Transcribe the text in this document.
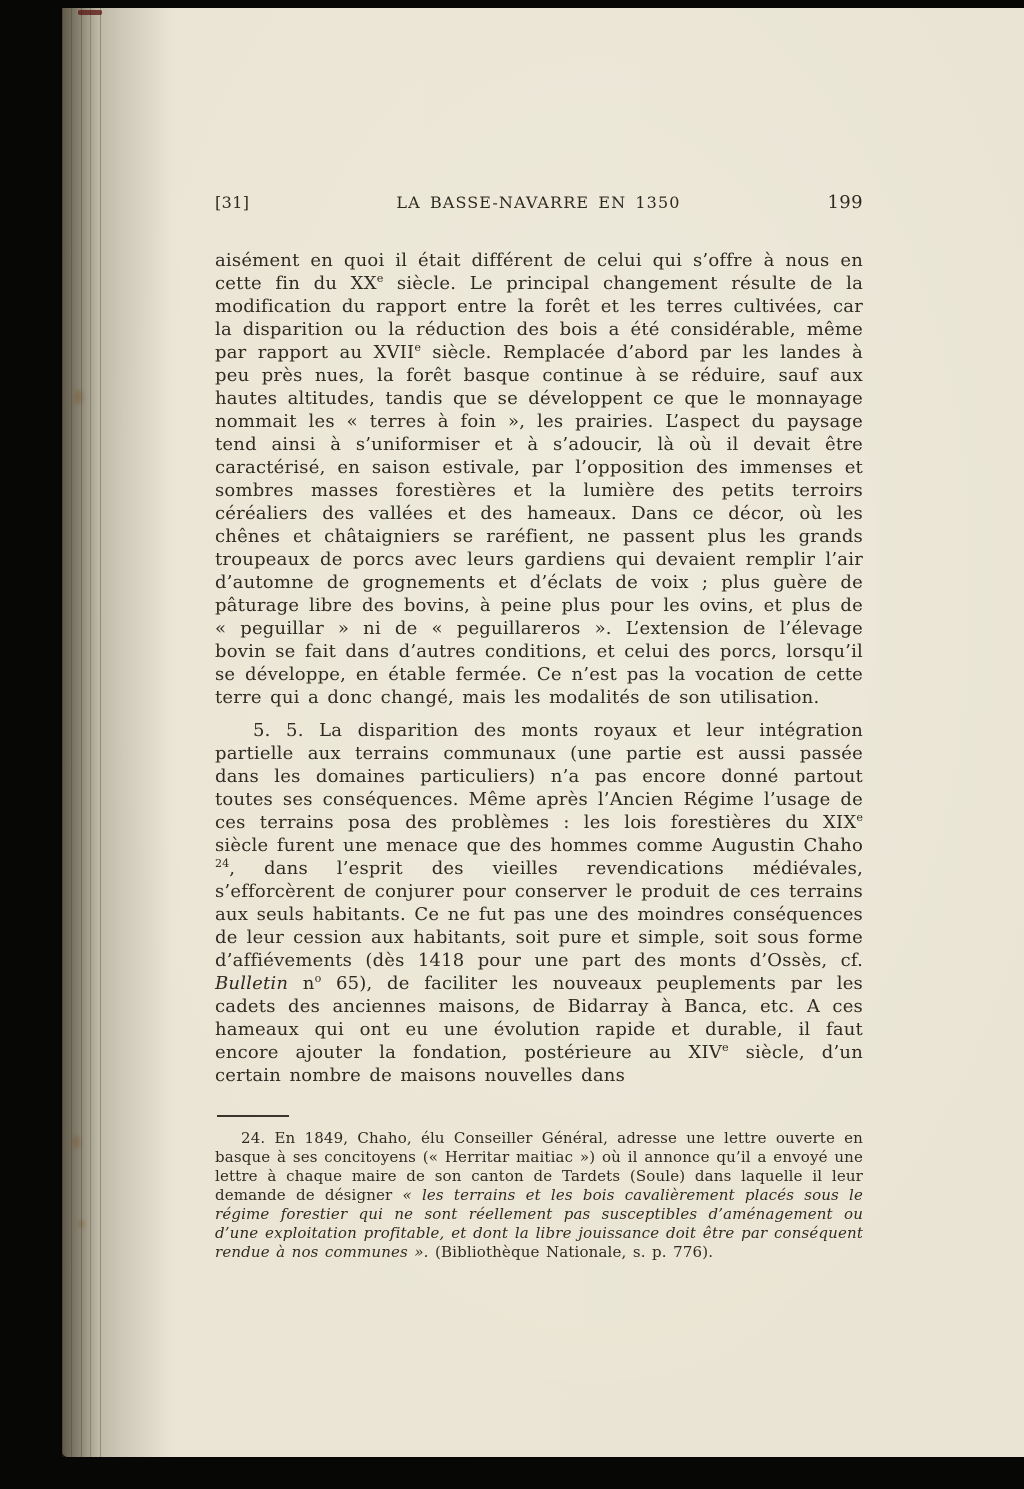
[31]	LA BASSE-NAVARRE EN 1350	199

aisément en quoi il était différent de celui qui s’offre à nous en cette fin du XXe siècle. Le principal changement résulte de la modification du rapport entre la forêt et les terres cultivées, car la disparition ou la réduction des bois a été considérable, même par rapport au XVIIe siècle. Remplacée d’abord par les landes à peu près nues, la forêt basque continue à se réduire, sauf aux hautes altitudes, tandis que se développent ce que le monnayage nommait les « terres à foin », les prairies. L’aspect du paysage tend ainsi à s’uniformiser et à s’adoucir, là où il devait être caractérisé, en saison estivale, par l’opposition des immenses et sombres masses forestières et la lumière des petits terroirs céréaliers des vallées et des hameaux. Dans ce décor, où les chênes et châtaigniers se raréfient, ne passent plus les grands troupeaux de porcs avec leurs gardiens qui devaient remplir l’air d’automne de grognements et d’éclats de voix ; plus guère de pâturage libre des bovins, à peine plus pour les ovins, et plus de « peguillar » ni de « peguillareros ». L’extension de l’élevage bovin se fait dans d’autres conditions, et celui des porcs, lorsqu’il se développe, en étable fermée. Ce n’est pas la vocation de cette terre qui a donc changé, mais les modalités de son utilisation.

5. 5. La disparition des monts royaux et leur intégration partielle aux terrains communaux (une partie est aussi passée dans les domaines particuliers) n’a pas encore donné partout toutes ses conséquences. Même après l’Ancien Régime l’usage de ces terrains posa des problèmes : les lois forestières du XIXe siècle furent une menace que des hommes comme Augustin Chaho $^{24}$, dans l’esprit des vieilles revendications médiévales, s’efforcèrent de conjurer pour conserver le produit de ces terrains aux seuls habitants. Ce ne fut pas une des moindres conséquences de leur cession aux habitants, soit pure et simple, soit sous forme d’affiévements (dès 1418 pour une part des monts d’Ossès, cf. Bulletin $n^o$ 65), de faciliter les nouveaux peuplements par les cadets des anciennes maisons, de Bidarray à Banca, etc. A ces hameaux qui ont eu une évolution rapide et durable, il faut encore ajouter la fondation, postérieure au XIVe siècle, d’un certain nombre de maisons nouvelles dans

24. En 1849, Chaho, élu Conseiller Général, adresse une lettre ouverte en basque à ses concitoyens (« Herritar maitiac ») où il annonce qu’il a envoyé une lettre à chaque maire de son canton de Tardets (Soule) dans laquelle il leur demande de désigner « les terrains et les bois cavalièrement placés sous le régime forestier qui ne sont réellement pas susceptibles d’aménagement ou d’une exploitation profitable, et dont la libre jouissance doit être par conséquent rendue à nos communes ». (Bibliothèque Nationale, s. p. 776).
